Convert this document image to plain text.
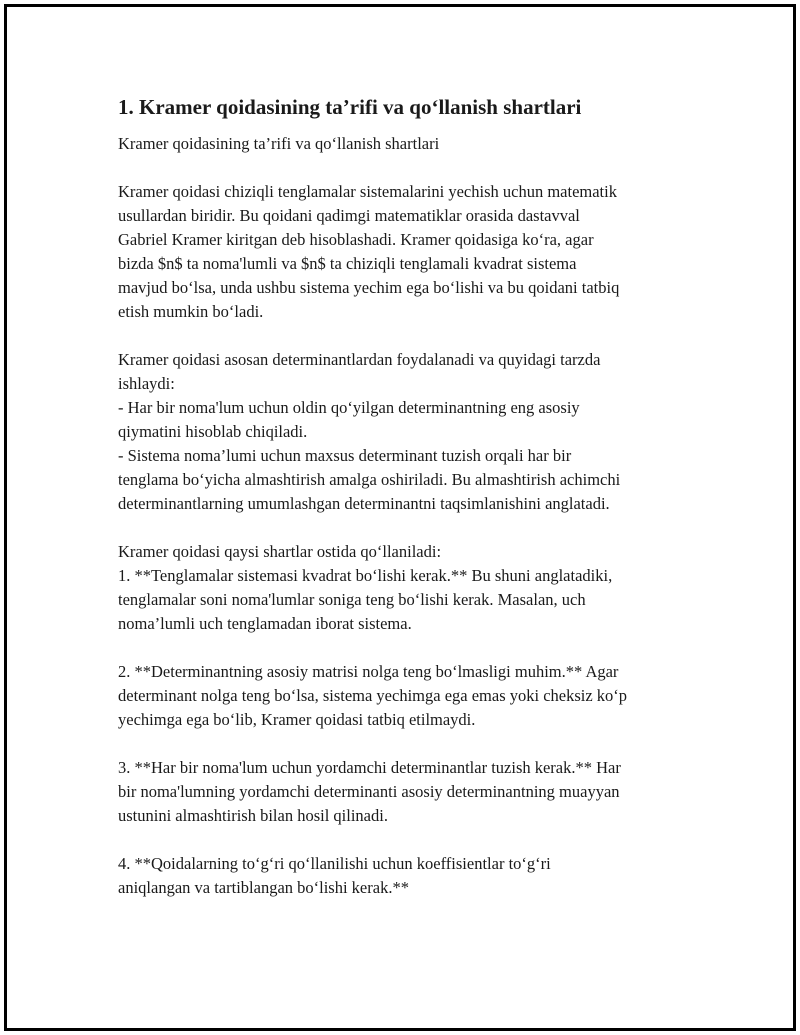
1. Kramer qoidasining ta’rifi va qo‘llanish shartlari

Kramer qoidasining ta’rifi va qo‘llanish shartlari

Kramer qoidasi chiziqli tenglamalar sistemalarini yechish uchun matematik
usullardan biridir. Bu qoidani qadimgi matematiklar orasida dastavval
Gabriel Kramer kiritgan deb hisoblashadi. Kramer qoidasiga ko‘ra, agar
bizda $n$ ta noma'lumli va $n$ ta chiziqli tenglamali kvadrat sistema
mavjud bo‘lsa, unda ushbu sistema yechim ega bo‘lishi va bu qoidani tatbiq
etish mumkin bo‘ladi.

Kramer qoidasi asosan determinantlardan foydalanadi va quyidagi tarzda
ishlaydi:
- Har bir noma'lum uchun oldin qo‘yilgan determinantning eng asosiy
qiymatini hisoblab chiqiladi.
- Sistema noma’lumi uchun maxsus determinant tuzish orqali har bir
tenglama bo‘yicha almashtirish amalga oshiriladi. Bu almashtirish achimchi
determinantlarning umumlashgan determinantni taqsimlanishini anglatadi.

Kramer qoidasi qaysi shartlar ostida qo‘llaniladi:
1. **Tenglamalar sistemasi kvadrat bo‘lishi kerak.** Bu shuni anglatadiki,
tenglamalar soni noma'lumlar soniga teng bo‘lishi kerak. Masalan, uch
noma’lumli uch tenglamadan iborat sistema.

2. **Determinantning asosiy matrisi nolga teng bo‘lmasligi muhim.** Agar
determinant nolga teng bo‘lsa, sistema yechimga ega emas yoki cheksiz ko‘p
yechimga ega bo‘lib, Kramer qoidasi tatbiq etilmaydi.

3. **Har bir noma'lum uchun yordamchi determinantlar tuzish kerak.** Har
bir noma'lumning yordamchi determinanti asosiy determinantning muayyan
ustunini almashtirish bilan hosil qilinadi.

4. **Qoidalarning to‘g‘ri qo‘llanilishi uchun koeffisientlar to‘g‘ri
aniqlangan va tartiblangan bo‘lishi kerak.**
